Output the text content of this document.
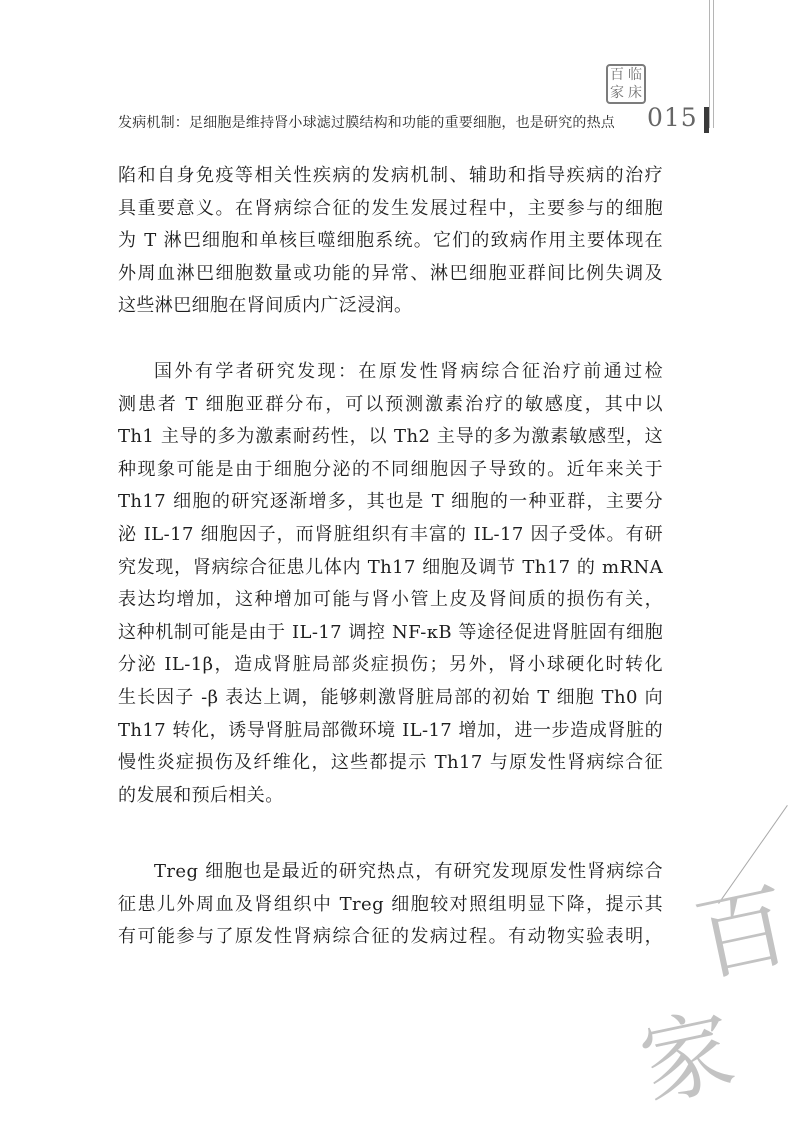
百 临
家 床
发病机制：足细胞是维持肾小球滤过膜结构和功能的重要细胞，也是研究的热点	015

陷和自身免疫等相关性疾病的发病机制、辅助和指导疾病的治疗
具重要意义。在肾病综合征的发生发展过程中，主要参与的细胞
为 T 淋巴细胞和单核巨噬细胞系统。它们的致病作用主要体现在
外周血淋巴细胞数量或功能的异常、淋巴细胞亚群间比例失调及
这些淋巴细胞在肾间质内广泛浸润。

国外有学者研究发现：在原发性肾病综合征治疗前通过检
测患者 T 细胞亚群分布，可以预测激素治疗的敏感度，其中以
Th1 主导的多为激素耐药性，以 Th2 主导的多为激素敏感型，这
种现象可能是由于细胞分泌的不同细胞因子导致的。近年来关于
Th17 细胞的研究逐渐增多，其也是 T 细胞的一种亚群，主要分
泌 IL-17 细胞因子，而肾脏组织有丰富的 IL-17 因子受体。有研
究发现，肾病综合征患儿体内 Th17 细胞及调节 Th17 的 mRNA
表达均增加，这种增加可能与肾小管上皮及肾间质的损伤有关，
这种机制可能是由于 IL-17 调控 NF-κB 等途径促进肾脏固有细胞
分泌 IL-1β，造成肾脏局部炎症损伤；另外，肾小球硬化时转化
生长因子 -β 表达上调，能够刺激肾脏局部的初始 T 细胞 Th0 向
Th17 转化，诱导肾脏局部微环境 IL-17 增加，进一步造成肾脏的
慢性炎症损伤及纤维化，这些都提示 Th17 与原发性肾病综合征
的发展和预后相关。

Treg 细胞也是最近的研究热点，有研究发现原发性肾病综合
征患儿外周血及肾组织中 Treg 细胞较对照组明显下降，提示其
有可能参与了原发性肾病综合征的发病过程。有动物实验表明， 百
家
